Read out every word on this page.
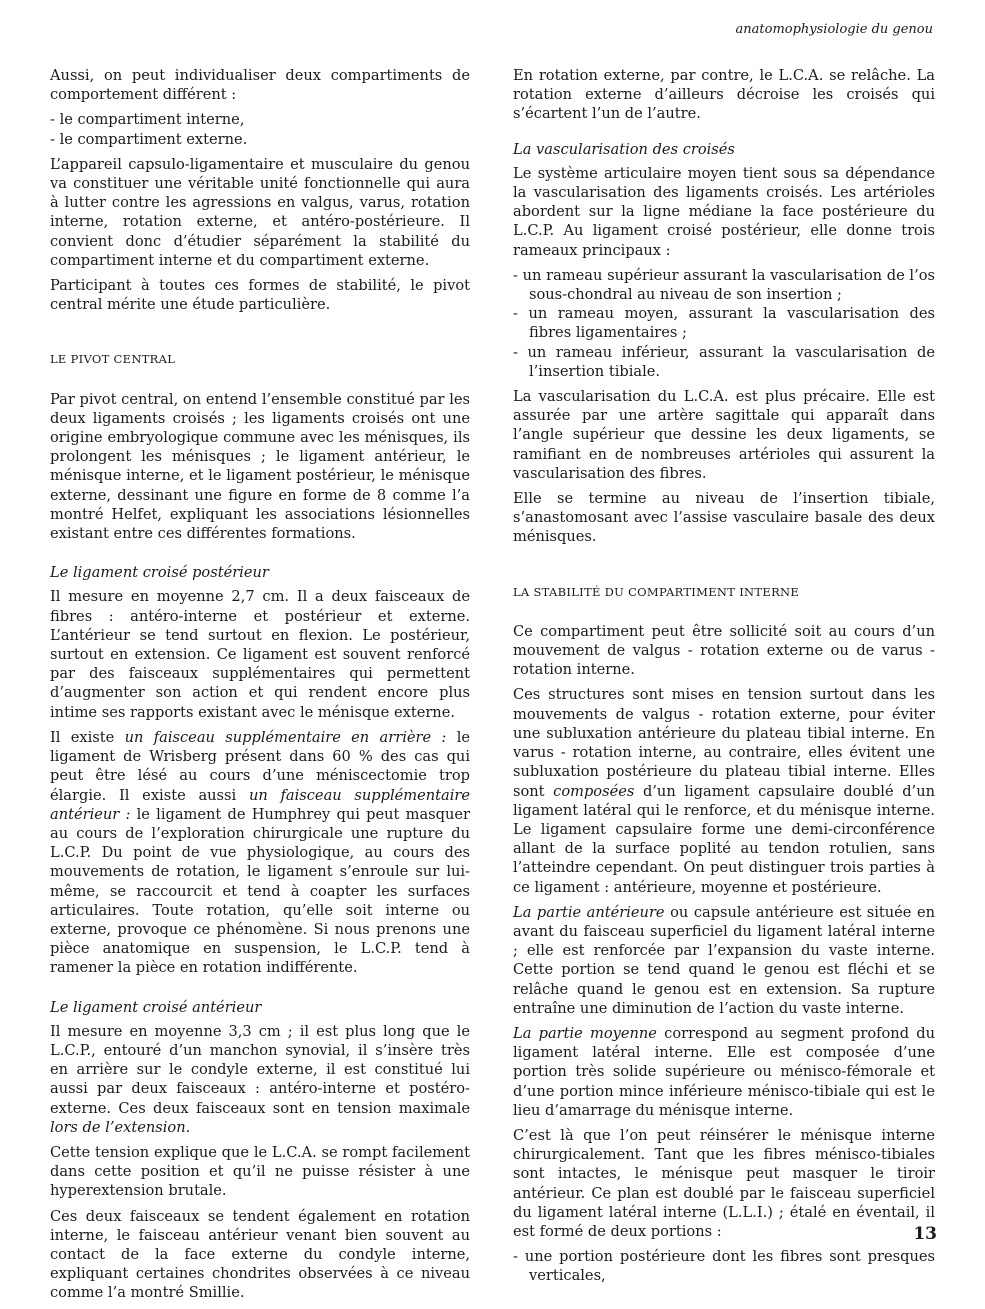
anatomophysiologie du genou

Aussi, on peut individualiser deux compartiments de comportement différent :

- le compartiment interne,
- le compartiment externe.

L’appareil capsulo-ligamentaire et musculaire du genou va constituer une véritable unité fonctionnelle qui aura à lutter contre les agressions en valgus, varus, rotation interne, rotation externe, et antéro-postérieure. Il convient donc d’étudier séparément la stabilité du compartiment interne et du compartiment externe.

Participant à toutes ces formes de stabilité, le pivot central mérite une étude particulière.

LE PIVOT CENTRAL

Par pivot central, on entend l’ensemble constitué par les deux ligaments croisés ; les ligaments croisés ont une origine embryologique commune avec les ménisques, ils prolongent les ménisques ; le ligament antérieur, le ménisque interne, et le ligament postérieur, le ménisque externe, dessinant une figure en forme de 8 comme l’a montré Helfet, expliquant les associations lésionnelles existant entre ces différentes formations.

Le ligament croisé postérieur

Il mesure en moyenne 2,7 cm. Il a deux faisceaux de fibres : antéro-interne et postérieur et externe. L’antérieur se tend surtout en flexion. Le postérieur, surtout en extension. Ce ligament est souvent renforcé par des faisceaux supplémentaires qui permettent d’augmenter son action et qui rendent encore plus intime ses rapports existant avec le ménisque externe.

Il existe un faisceau supplémentaire en arrière : le ligament de Wrisberg présent dans 60 % des cas qui peut être lésé au cours d’une méniscectomie trop élargie. Il existe aussi un faisceau supplémentaire antérieur : le ligament de Humphrey qui peut masquer au cours de l’exploration chirurgicale une rupture du L.C.P. Du point de vue physiologique, au cours des mouvements de rotation, le ligament s’enroule sur lui-même, se raccourcit et tend à coapter les surfaces articulaires. Toute rotation, qu’elle soit interne ou externe, provoque ce phénomène. Si nous prenons une pièce anatomique en suspension, le L.C.P. tend à ramener la pièce en rotation indifférente.

Le ligament croisé antérieur

Il mesure en moyenne 3,3 cm ; il est plus long que le L.C.P., entouré d’un manchon synovial, il s’insère très en arrière sur le condyle externe, il est constitué lui aussi par deux faisceaux : antéro-interne et postéro-externe. Ces deux faisceaux sont en tension maximale lors de l’extension.

Cette tension explique que le L.C.A. se rompt facilement dans cette position et qu’il ne puisse résister à une hyperextension brutale.

Ces deux faisceaux se tendent également en rotation interne, le faisceau antérieur venant bien souvent au contact de la face externe du condyle interne, expliquant certaines chondrites observées à ce niveau comme l’a montré Smillie.

En rotation externe, par contre, le L.C.A. se relâche. La rotation externe d’ailleurs décroise les croisés qui s’écartent l’un de l’autre.

La vascularisation des croisés

Le système articulaire moyen tient sous sa dépendance la vascularisation des ligaments croisés. Les artérioles abordent sur la ligne médiane la face postérieure du L.C.P. Au ligament croisé postérieur, elle donne trois rameaux principaux :

- un rameau supérieur assurant la vascularisation de l’os sous-chondral au niveau de son insertion ;
- un rameau moyen, assurant la vascularisation des fibres ligamentaires ;
- un rameau inférieur, assurant la vascularisation de l’insertion tibiale.

La vascularisation du L.C.A. est plus précaire. Elle est assurée par une artère sagittale qui apparaît dans l’angle supérieur que dessine les deux ligaments, se ramifiant en de nombreuses artérioles qui assurent la vascularisation des fibres.

Elle se termine au niveau de l’insertion tibiale, s’anastomosant avec l’assise vasculaire basale des deux ménisques.

LA STABILITÉ DU COMPARTIMENT INTERNE

Ce compartiment peut être sollicité soit au cours d’un mouvement de valgus - rotation externe ou de varus - rotation interne.

Ces structures sont mises en tension surtout dans les mouvements de valgus - rotation externe, pour éviter une subluxation antérieure du plateau tibial interne. En varus - rotation interne, au contraire, elles évitent une subluxation postérieure du plateau tibial interne. Elles sont composées d’un ligament capsulaire doublé d’un ligament latéral qui le renforce, et du ménisque interne. Le ligament capsulaire forme une demi-circonférence allant de la surface poplité au tendon rotulien, sans l’atteindre cependant. On peut distinguer trois parties à ce ligament : antérieure, moyenne et postérieure.

La partie antérieure ou capsule antérieure est située en avant du faisceau superficiel du ligament latéral interne ; elle est renforcée par l’expansion du vaste interne. Cette portion se tend quand le genou est fléchi et se relâche quand le genou est en extension. Sa rupture entraîne une diminution de l’action du vaste interne.

La partie moyenne correspond au segment profond du ligament latéral interne. Elle est composée d’une portion très solide supérieure ou ménisco-fémorale et d’une portion mince inférieure ménisco-tibiale qui est le lieu d’amarrage du ménisque interne.

C’est là que l’on peut réinsérer le ménisque interne chirurgicalement. Tant que les fibres ménisco-tibiales sont intactes, le ménisque peut masquer le tiroir antérieur. Ce plan est doublé par le faisceau superficiel du ligament latéral interne (L.L.I.) ; étalé en éventail, il est formé de deux portions :

- une portion postérieure dont les fibres sont presques verticales,
13
